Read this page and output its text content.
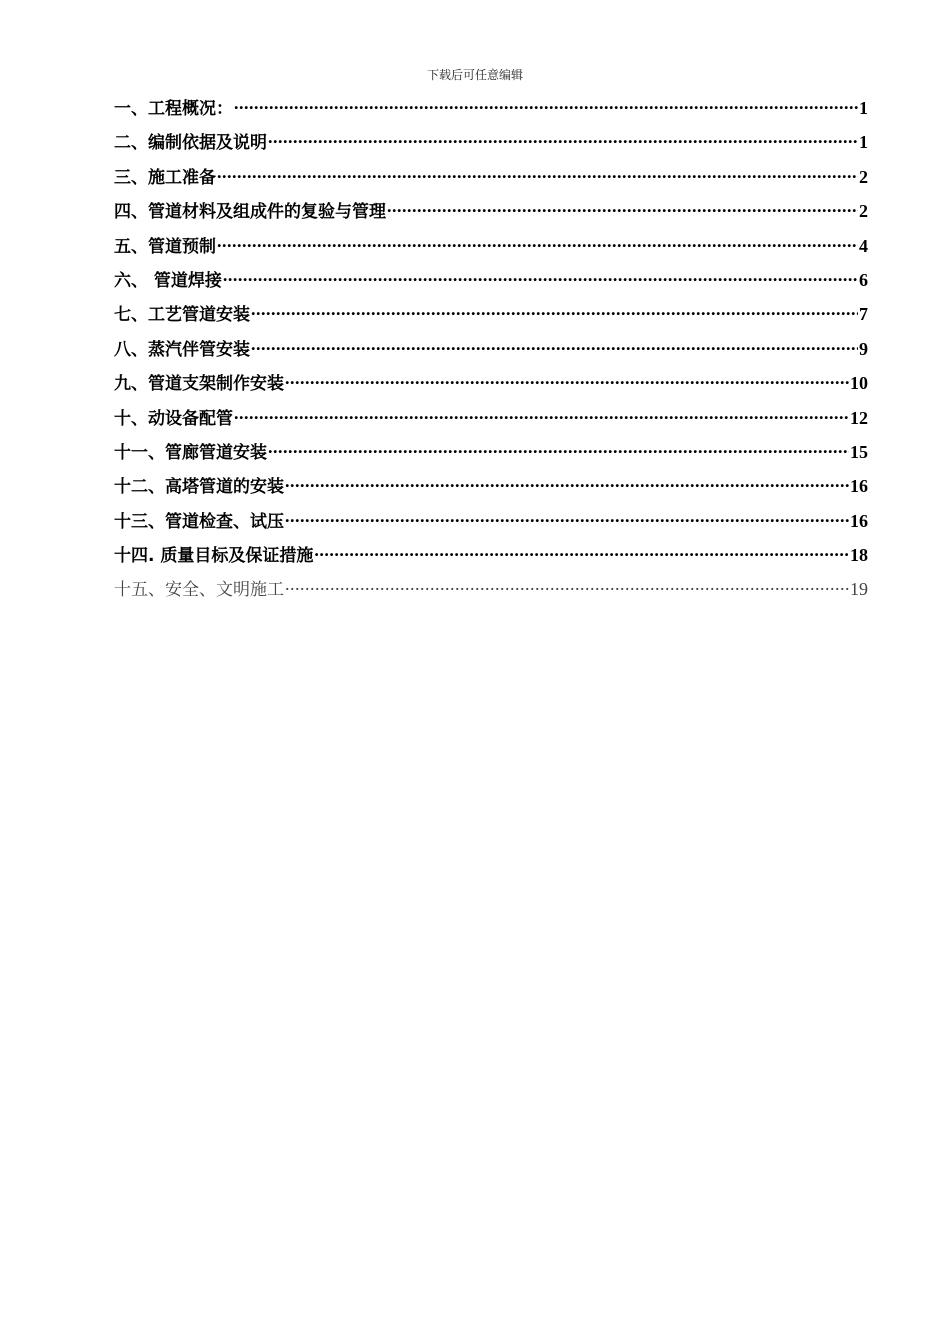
下载后可任意编辑
一、工程概况： .....	1
二、编制依据及说明 .....	1
三、施工准备 .....	2
四、管道材料及组成件的复验与管理 .....	2
五、管道预制 .....	4
六、 管道焊接 .....	6
七、工艺管道安装 .....	7
八、蒸汽伴管安装 .....	9
九、管道支架制作安装 .....	10
十、动设备配管 .....	12
十一、管廊管道安装 .....	15
十二、高塔管道的安装 .....	16
十三、管道检查、试压 .....	16
十四. 质量目标及保证措施 .....	18
十五、安全、文明施工 .....	19
